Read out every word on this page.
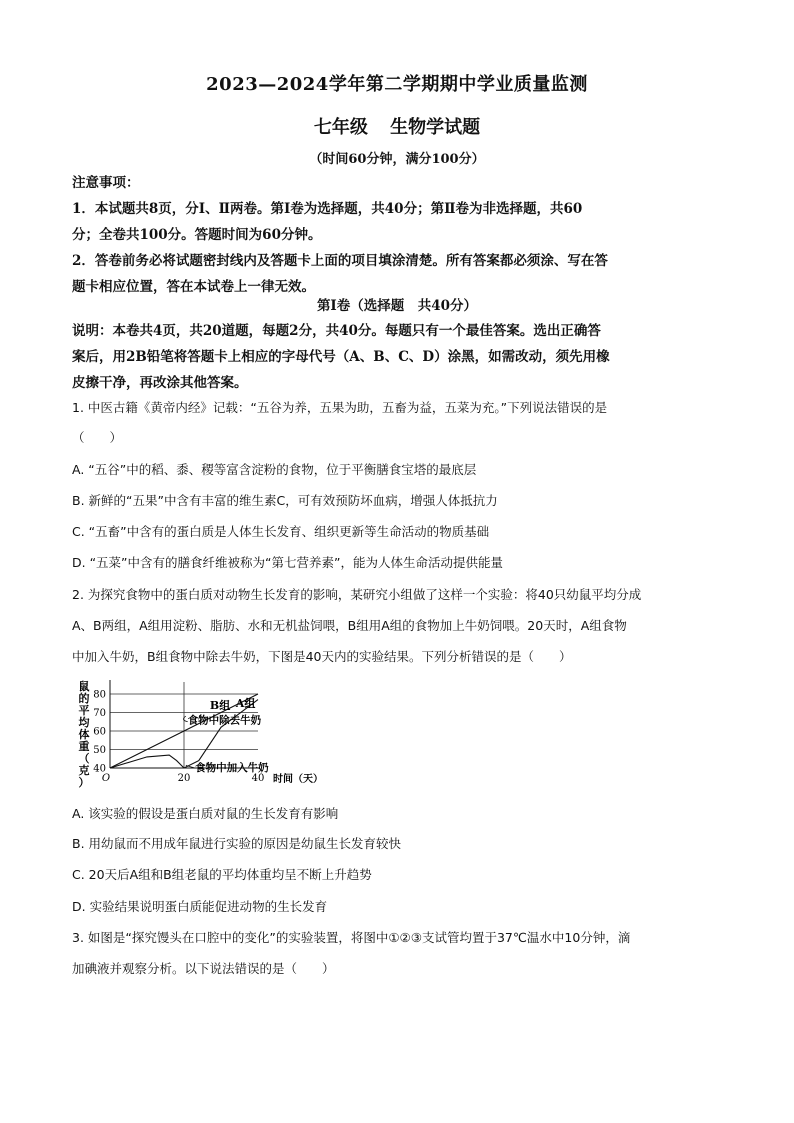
2023—2024学年第二学期期中学业质量监测
七年级 生物学试题
（时间60分钟，满分100分）
注意事项：
1．本试题共8页，分Ⅰ、Ⅱ两卷。第Ⅰ卷为选择题，共40分；第Ⅱ卷为非选择题，共60
分；全卷共100分。答题时间为60分钟。
2．答卷前务必将试题密封线内及答题卡上面的项目填涂清楚。所有答案都必须涂、写在答
题卡相应位置，答在本试卷上一律无效。
第Ⅰ卷（选择题　共40分）
说明：本卷共4页，共20道题，每题2分，共40分。每题只有一个最佳答案。选出正确答
案后，用2B铅笔将答题卡上相应的字母代号（A、B、C、D）涂黑，如需改动，须先用橡
皮擦干净，再改涂其他答案。
1. 中医古籍《黄帝内经》记载：“五谷为养，五果为助，五畜为益，五菜为充。”下列说法错误的是
（　　）
A. “五谷”中的稻、黍、稷等富含淀粉的食物，位于平衡膳食宝塔的最底层
B. 新鲜的“五果”中含有丰富的维生素C，可有效预防坏血病，增强人体抵抗力
C. “五畜”中含有的蛋白质是人体生长发育、组织更新等生命活动的物质基础
D. “五菜”中含有的膳食纤维被称为“第七营养素”，能为人体生命活动提供能量
2. 为探究食物中的蛋白质对动物生长发育的影响，某研究小组做了这样一个实验：将40只幼鼠平均分成
A、B两组，A组用淀粉、脂肪、水和无机盐饲喂，B组用A组的食物加上牛奶饲喂。20天时，A组食物
中加入牛奶，B组食物中除去牛奶，下图是40天内的实验结果。下列分析错误的是（　　）
40
50
60
70
80
O	20	40 时间（天）
B组 A组
食物中除去牛奶
食物中加入牛奶
鼠
的
平
均
体
重
（
克
）
A. 该实验的假设是蛋白质对鼠的生长发育有影响
B. 用幼鼠而不用成年鼠进行实验的原因是幼鼠生长发育较快
C. 20天后A组和B组老鼠的平均体重均呈不断上升趋势
D. 实验结果说明蛋白质能促进动物的生长发育
3. 如图是“探究馒头在口腔中的变化”的实验装置，将图中①②③支试管均置于37℃温水中10分钟，滴
加碘液并观察分析。以下说法错误的是（　　）
